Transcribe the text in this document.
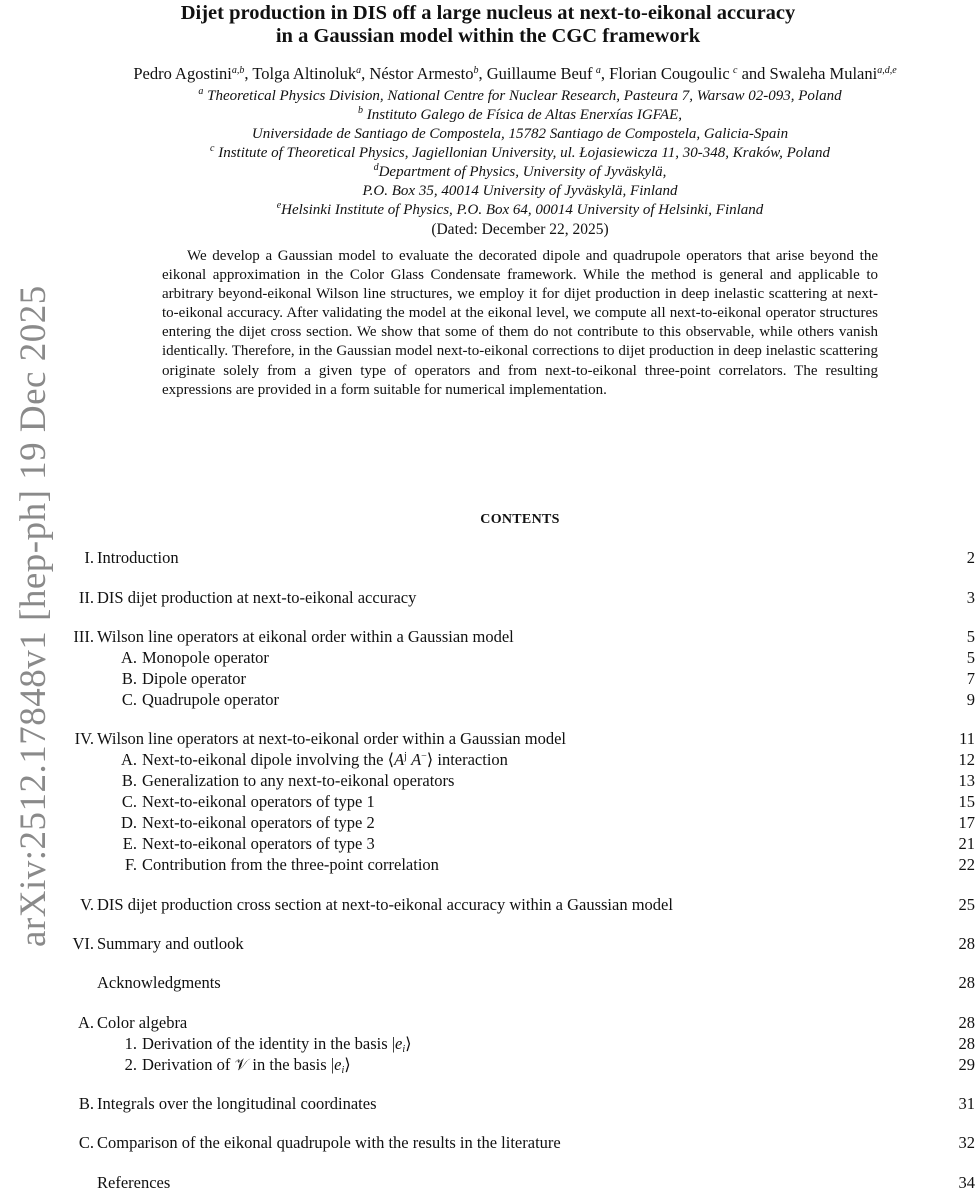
arXiv:2512.17848v1 [hep-ph] 19 Dec 2025
Dijet production in DIS off a large nucleus at next-to-eikonal accuracy
in a Gaussian model within the CGC framework
Pedro Agostini$^{a,b}$, Tolga Altinoluk$^a$, Néstor Armesto$^b$, Guillaume Beuf  $^a$, Florian Cougoulic  $^c$ and Swaleha Mulani$^{a,d,e}$
$^a$ Theoretical Physics Division, National Centre for Nuclear Research, Pasteura 7, Warsaw 02-093, Poland
$^b$ Instituto Galego de Física de Altas Enerxías IGFAE,
Universidade de Santiago de Compostela, 15782 Santiago de Compostela, Galicia-Spain
$^c$ Institute of Theoretical Physics, Jagiellonian University, ul. Łojasiewicza 11, 30-348, Kraków, Poland
$^d$Department of Physics, University of Jyväskylä,
P.O. Box 35, 40014 University of Jyväskylä, Finland
$^e$Helsinki Institute of Physics, P.O. Box 64, 00014 University of Helsinki, Finland
(Dated: December 22, 2025)
We develop a Gaussian model to evaluate the decorated dipole and quadrupole operators that arise beyond the eikonal approximation in the Color Glass Condensate framework. While the method is general and applicable to arbitrary beyond-eikonal Wilson line structures, we employ it for dijet production in deep inelastic scattering at next-to-eikonal accuracy. After validating the model at the eikonal level, we compute all next-to-eikonal operator structures entering the dijet cross section. We show that some of them do not contribute to this observable, while others vanish identically. Therefore, in the Gaussian model next-to-eikonal corrections to dijet production in deep inelastic scattering originate solely from a given type of operators and from next-to-eikonal three-point correlators. The resulting expressions are provided in a form suitable for numerical implementation.
CONTENTS
I. Introduction	2
II. DIS dijet production at next-to-eikonal accuracy	3
III. Wilson line operators at eikonal order within a Gaussian model	5
A. Monopole operator	5
B. Dipole operator	7
C. Quadrupole operator	9
IV. Wilson line operators at next-to-eikonal order within a Gaussian model	11
A. Next-to-eikonal dipole involving the $⟨A^j$ A−⟩ interaction	12
B. Generalization to any next-to-eikonal operators	13
C. Next-to-eikonal operators of type 1	15
D. Next-to-eikonal operators of type 2	17
E. Next-to-eikonal operators of type 3	21
F. Contribution from the three-point correlation	22
V. DIS dijet production cross section at next-to-eikonal accuracy within a Gaussian model	25
VI. Summary and outlook	28
Acknowledgments	28
A. Color algebra	28
1. Derivation of the identity in the basis |ei⟩	28
2. Derivation of 𝒱 in the basis |ei⟩	29
B. Integrals over the longitudinal coordinates	31
C. Comparison of the eikonal quadrupole with the results in the literature	32
References	34
